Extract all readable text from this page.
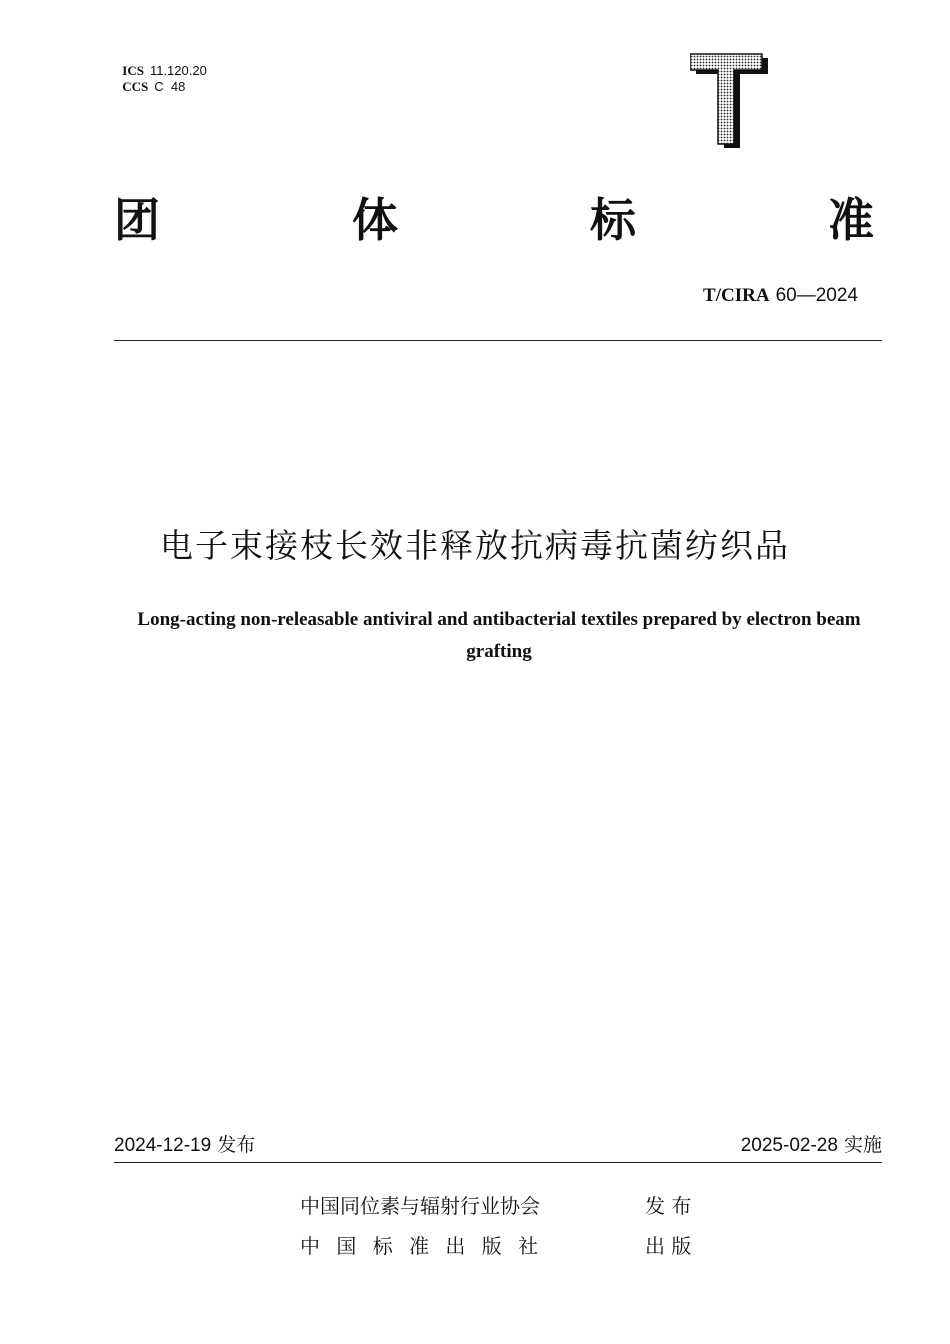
ICS 11.120.20

CCS C  48

团	体	标	准
T/CIRA 60—2024
电子束接枝长效非释放抗病毒抗菌纺织品
Long-acting non-releasable antiviral and antibacterial textiles prepared by electron beam grafting
2024-12-19 发布	2025-02-28 实施
中国同位素与辐射行业协会	发 布
中 国 标 准 出 版 社	出 版
